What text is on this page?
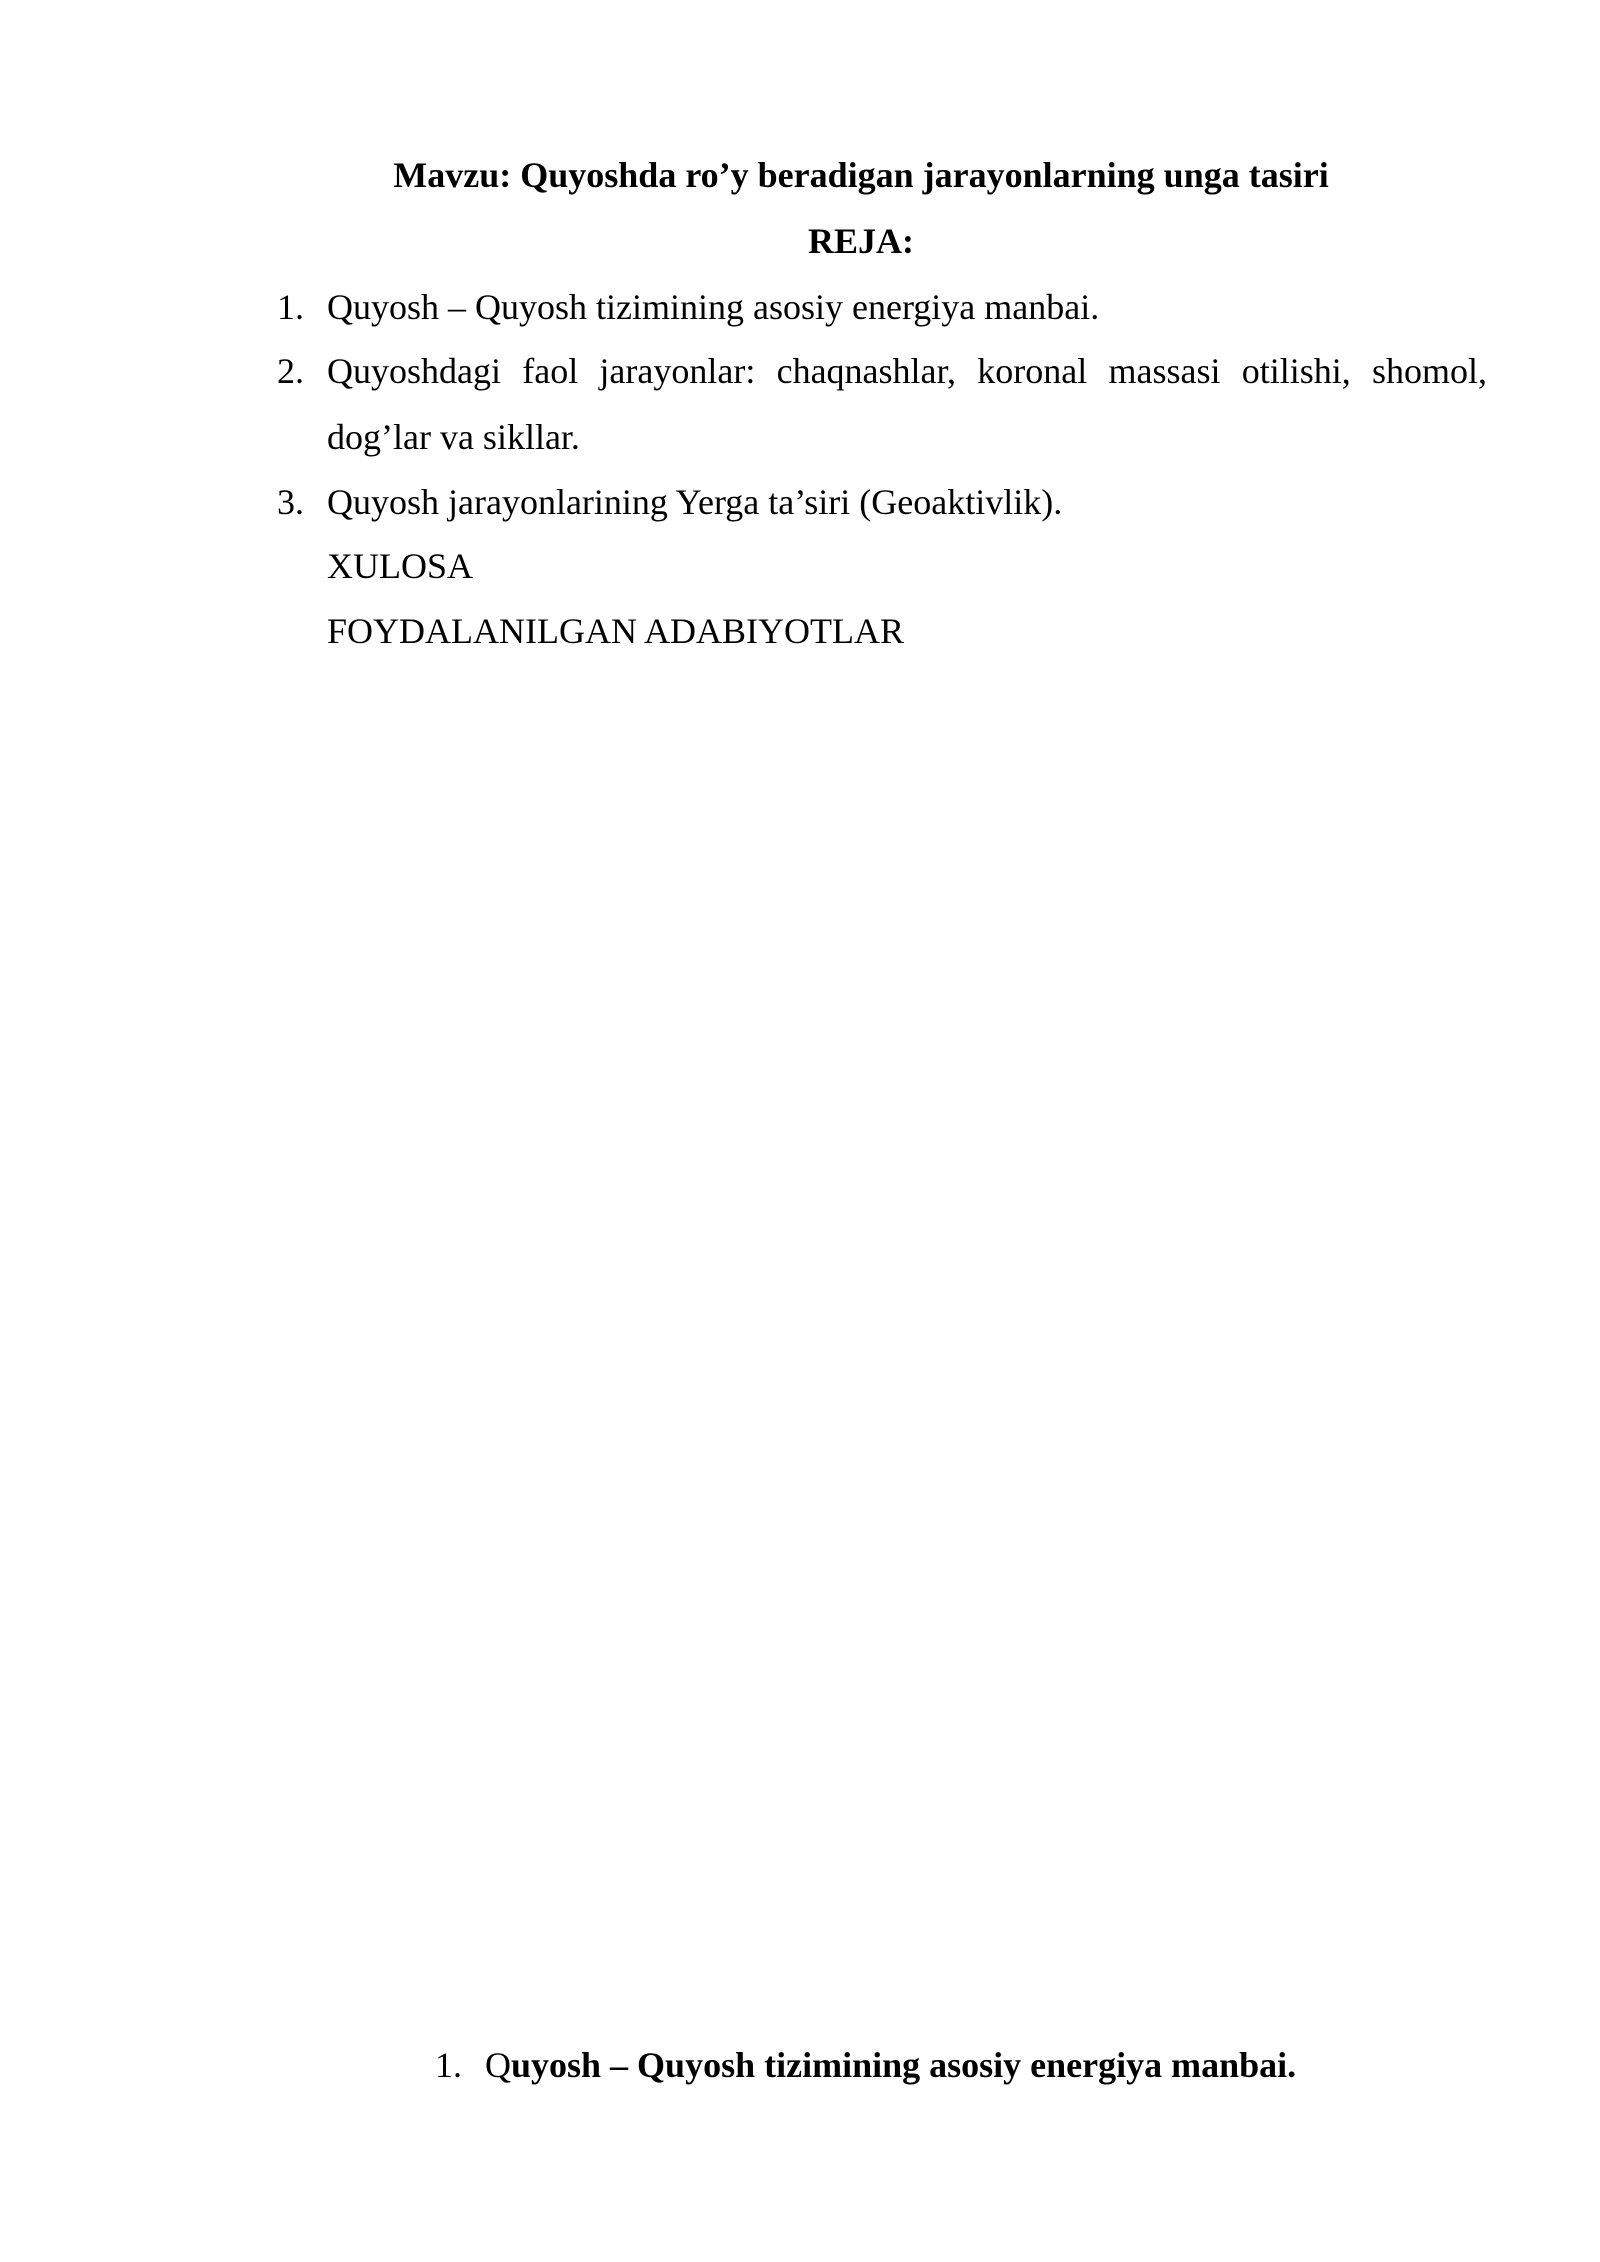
Mavzu: Quyoshda ro’y beradigan jarayonlarning unga tasiri
REJA:
1. Quyosh – Quyosh tizimining asosiy energiya manbai.
2. Quyoshdagi faol jarayonlar: chaqnashlar, koronal massasi otilishi, shomol,
dog’lar va sikllar.
3. Quyosh jarayonlarining Yerga ta’siri (Geoaktivlik).
XULOSA
FOYDALANILGAN ADABIYOTLAR
1. Quyosh – Quyosh tizimining asosiy energiya manbai.
